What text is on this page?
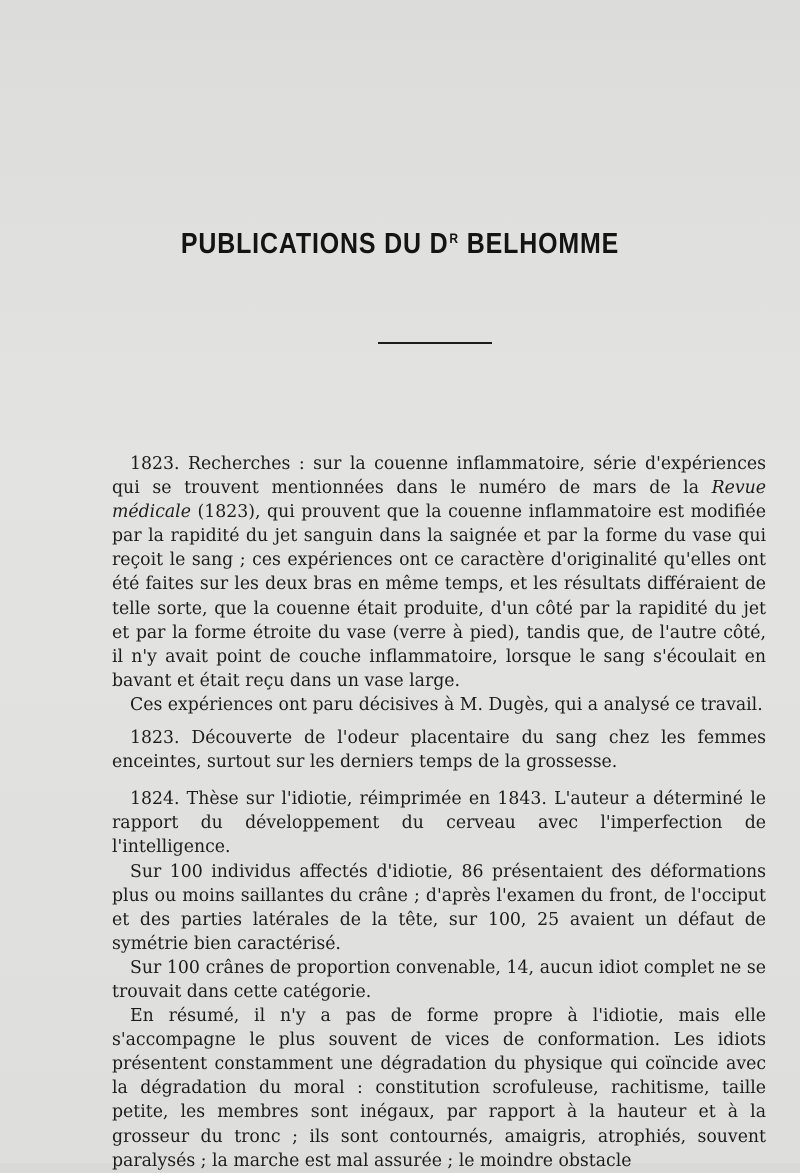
PUBLICATIONS DU $D^R$ BELHOMME

1823. Recherches : sur la couenne inflammatoire, série d'expériences qui se trouvent mentionnées dans le numéro de mars de la Revue médicale (1823), qui prouvent que la couenne inflammatoire est modifiée par la rapidité du jet sanguin dans la saignée et par la forme du vase qui reçoit le sang ; ces expériences ont ce caractère d'originalité qu'elles ont été faites sur les deux bras en même temps, et les résultats différaient de telle sorte, que la couenne était produite, d'un côté par la rapidité du jet et par la forme étroite du vase (verre à pied), tandis que, de l'autre côté, il n'y avait point de couche inflammatoire, lorsque le sang s'écoulait en bavant et était reçu dans un vase large.

Ces expériences ont paru décisives à M. Dugès, qui a analysé ce travail.

1823. Découverte de l'odeur placentaire du sang chez les femmes enceintes, surtout sur les derniers temps de la grossesse.

1824. Thèse sur l'idiotie, réimprimée en 1843. L'auteur a déterminé le rapport du développement du cerveau avec l'imperfection de l'intelligence.

Sur 100 individus affectés d'idiotie, 86 présentaient des déformations plus ou moins saillantes du crâne ; d'après l'examen du front, de l'occiput et des parties latérales de la tête, sur 100, 25 avaient un défaut de symétrie bien caractérisé.

Sur 100 crânes de proportion convenable, 14, aucun idiot complet ne se trouvait dans cette catégorie.

En résumé, il n'y a pas de forme propre à l'idiotie, mais elle s'accompagne le plus souvent de vices de conformation. Les idiots présentent constamment une dégradation du physique qui coïncide avec la dégradation du moral : constitution scrofuleuse, rachitisme, taille petite, les membres sont inégaux, par rapport à la hauteur et à la grosseur du tronc ; ils sont contournés, amaigris, atrophiés, souvent paralysés ; la marche est mal assurée ; le moindre obstacle
